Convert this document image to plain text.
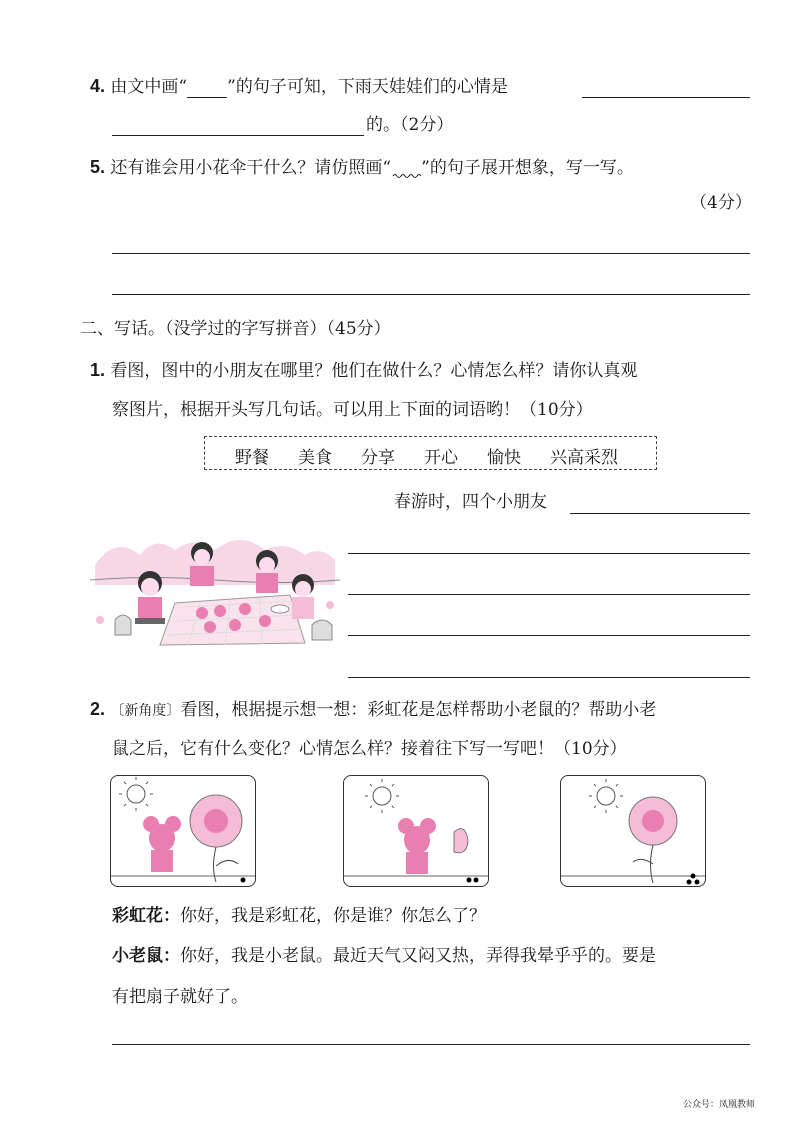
4. 由文中画“ ”的句子可知，下雨天娃娃们的心情是
的。（2分）
5. 还有谁会用小花伞干什么？请仿照画“ ”的句子展开想象，写一写。
（4分）
二、写话。（没学过的字写拼音）（45分）
1. 看图，图中的小朋友在哪里？他们在做什么？心情怎么样？请你认真观
察图片，根据开头写几句话。可以用上下面的词语哟！（10分）
野餐 美食 分享 开心 愉快 兴高采烈
春游时，四个小朋友
2. 〔新角度〕看图，根据提示想一想：彩虹花是怎样帮助小老鼠的？帮助小老
鼠之后，它有什么变化？心情怎么样？接着往下写一写吧！（10分）
彩虹花：你好，我是彩虹花，你是谁？你怎么了？
小老鼠：你好，我是小老鼠。最近天气又闷又热，弄得我晕乎乎的。要是
有把扇子就好了。
公众号：凤凰教师
